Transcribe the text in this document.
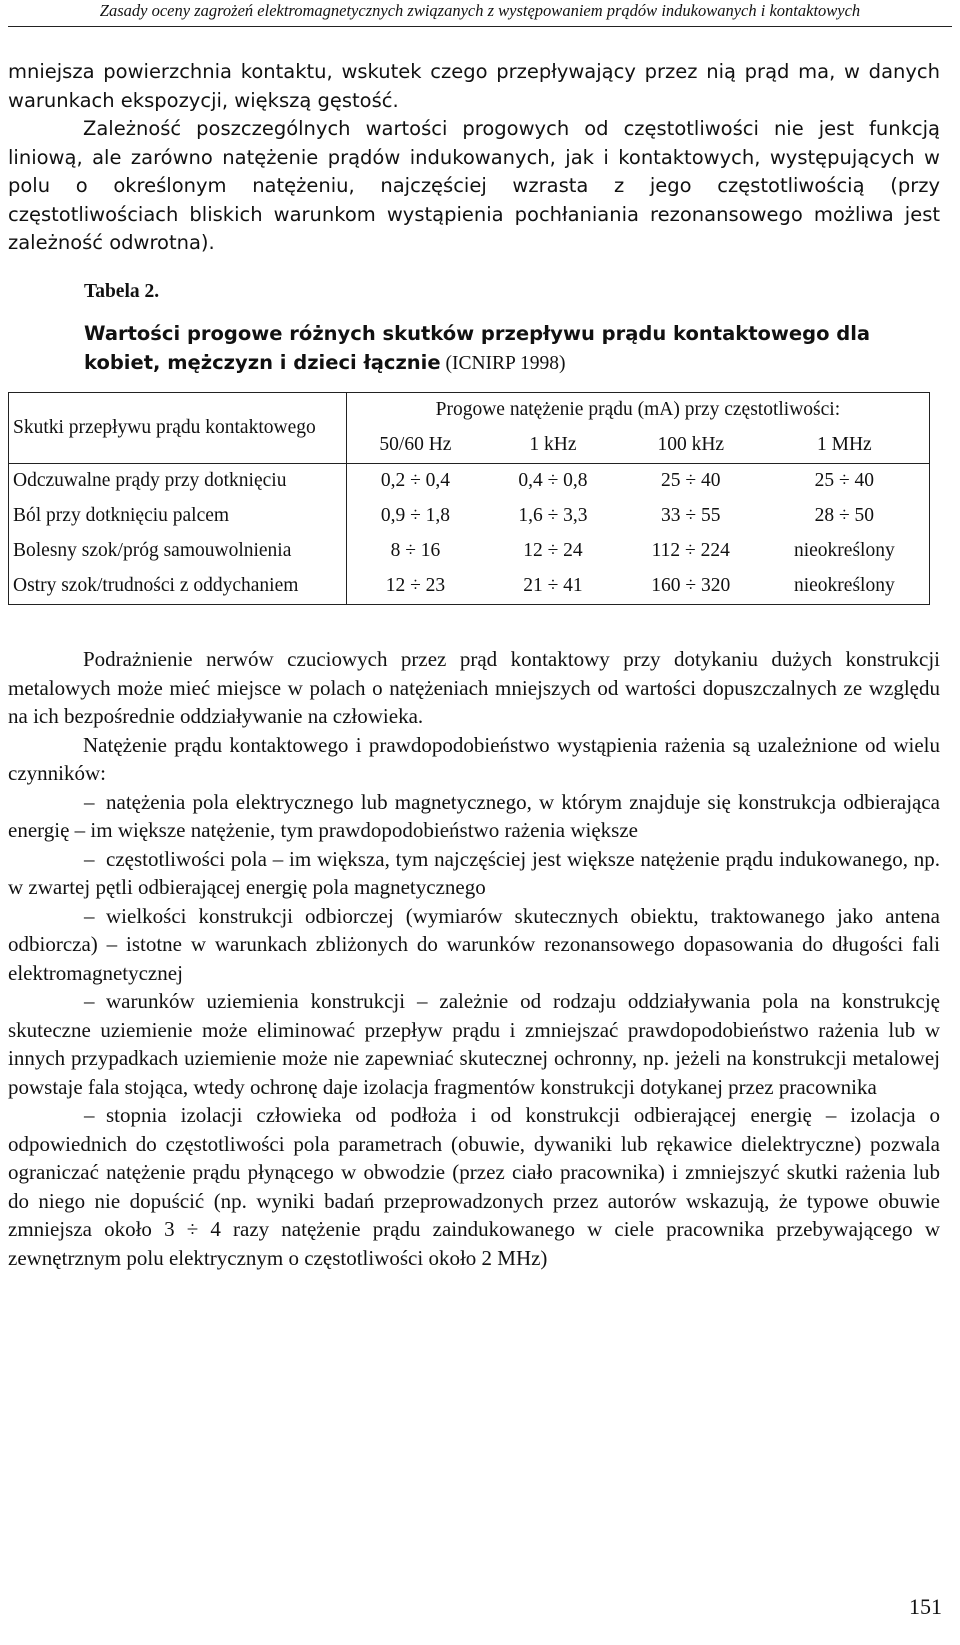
Zasady oceny zagrożeń elektromagnetycznych związanych z występowaniem prądów indukowanych i kontaktowych

mniejsza powierzchnia kontaktu, wskutek czego przepływający przez nią prąd ma, w danych warunkach ekspozycji, większą gęstość.

Zależność poszczególnych wartości progowych od częstotliwości nie jest funkcją liniową, ale zarówno natężenie prądów indukowanych, jak i kontaktowych, występujących w polu o określonym natężeniu, najczęściej wzrasta z jego częstotliwością (przy częstotliwościach bliskich warunkom wystąpienia pochłaniania rezonansowego możliwa jest zależność odwrotna).

Tabela 2.
Wartości progowe różnych skutków przepływu prądu kontaktowego dla kobiet, mężczyzn i dzieci łącznie (ICNIRP 1998)
Skutki przepływu prądu kontaktowego	Progowe natężenie prądu (mA) przy częstotliwości:			
	50/60 Hz	1 kHz	100 kHz	1 MHz
Odczuwalne prądy przy dotknięciu	0,2 ÷ 0,4	0,4 ÷ 0,8	25 ÷ 40	25 ÷ 40
Ból przy dotknięciu palcem	0,9 ÷ 1,8	1,6 ÷ 3,3	33 ÷ 55	28 ÷ 50
Bolesny szok/próg samouwolnienia	8 ÷ 16	12 ÷ 24	112 ÷ 224	nieokreślony
Ostry szok/trudności z oddychaniem	12 ÷ 23	21 ÷ 41	160 ÷ 320	nieokreślony

Podrażnienie nerwów czuciowych przez prąd kontaktowy przy dotykaniu dużych konstrukcji metalowych może mieć miejsce w polach o natężeniach mniejszych od wartości dopuszczalnych ze względu na ich bezpośrednie oddziaływanie na człowieka.

Natężenie prądu kontaktowego i prawdopodobieństwo wystąpienia rażenia są uzależnione od wielu czynników:

– natężenia pola elektrycznego lub magnetycznego, w którym znajduje się konstrukcja odbierająca energię – im większe natężenie, tym prawdopodobieństwo rażenia większe

– częstotliwości pola – im większa, tym najczęściej jest większe natężenie prądu indukowanego, np. w zwartej pętli odbierającej energię pola magnetycznego

– wielkości konstrukcji odbiorczej (wymiarów skutecznych obiektu, traktowanego jako antena odbiorcza) – istotne w warunkach zbliżonych do warunków rezonansowego dopasowania do długości fali elektromagnetycznej

– warunków uziemienia konstrukcji – zależnie od rodzaju oddziaływania pola na konstrukcję skuteczne uziemienie może eliminować przepływ prądu i zmniejszać prawdopodobieństwo rażenia lub w innych przypadkach uziemienie może nie zapewniać skutecznej ochronny, np. jeżeli na konstrukcji metalowej powstaje fala stojąca, wtedy ochronę daje izolacja fragmentów konstrukcji dotykanej przez pracownika

– stopnia izolacji człowieka od podłoża i od konstrukcji odbierającej energię – izolacja o odpowiednich do częstotliwości pola parametrach (obuwie, dywaniki lub rękawice dielektryczne) pozwala ograniczać natężenie prądu płynącego w obwodzie (przez ciało pracownika) i zmniejszyć skutki rażenia lub do niego nie dopuścić (np. wyniki badań przeprowadzonych przez autorów wskazują, że typowe obuwie zmniejsza około 3 ÷ 4 razy natężenie prądu zaindukowanego w ciele pracownika przebywającego w zewnętrznym polu elektrycznym o częstotliwości około 2 MHz)

151
